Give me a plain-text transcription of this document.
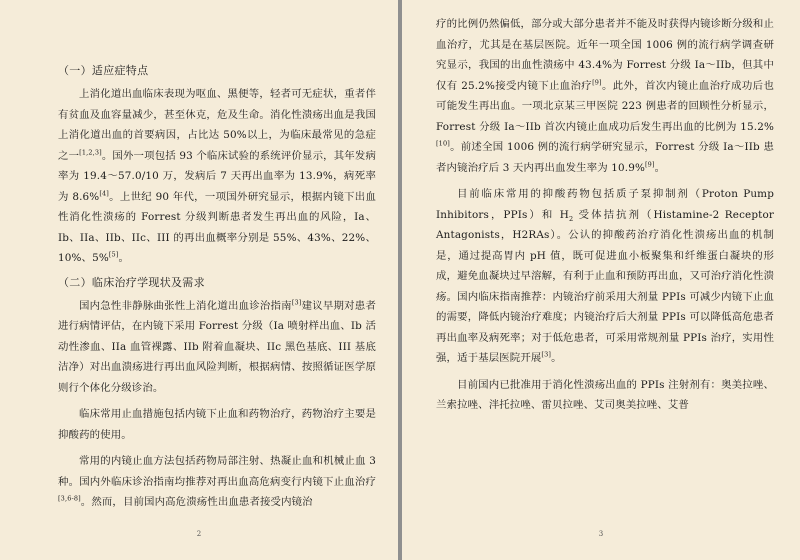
（一）适应症特点

上消化道出血临床表现为呕血、黑便等，轻者可无症状，重者伴有贫血及血容量减少，甚至休克，危及生命。消化性溃疡出血是我国上消化道出血的首要病因，占比达 50%以上，为临床最常见的急症之一[1,2,3]。国外一项包括 93 个临床试验的系统评价显示，其年发病率为 19.4～57.0/10 万，发病后 7 天再出血率为 13.9%，病死率为 8.6%[4]。上世纪 90 年代，一项国外研究显示，根据内镜下出血性消化性溃疡的 Forrest 分级判断患者发生再出血的风险，Ia、Ib、IIa、IIb、IIc、III 的再出血概率分别是 55%、43%、22%、10%、5%[5]。

（二）临床治疗学现状及需求

国内急性非静脉曲张性上消化道出血诊治指南[3]建议早期对患者进行病情评估，在内镜下采用 Forrest 分级（Ia 喷射样出血、Ib 活动性渗血、IIa 血管裸露、IIb 附着血凝块、IIc 黑色基底、III 基底洁净）对出血溃疡进行再出血风险判断，根据病情、按照循证医学原则行个体化分级诊治。

临床常用止血措施包括内镜下止血和药物治疗，药物治疗主要是抑酸药的使用。

常用的内镜止血方法包括药物局部注射、热凝止血和机械止血 3 种。国内外临床诊治指南均推荐对再出血高危病变行内镜下止血治疗[3,6-8]。然而，目前国内高危溃疡性出血患者接受内镜治

2

疗的比例仍然偏低，部分或大部分患者并不能及时获得内镜诊断分级和止血治疗，尤其是在基层医院。近年一项全国 1006 例的流行病学调查研究显示，我国的出血性溃疡中 43.4%为 Forrest 分级 Ia～IIb，但其中仅有 25.2%接受内镜下止血治疗[9]。此外，首次内镜止血治疗成功后也可能发生再出血。一项北京某三甲医院 223 例患者的回顾性分析显示，Forrest 分级 Ia～IIb 首次内镜止血成功后发生再出血的比例为 15.2%[10]。前述全国 1006 例的流行病学研究显示，Forrest 分级 Ia～IIb 患者内镜治疗后 3 天内再出血发生率为 10.9%[9]。

目前临床常用的抑酸药物包括质子泵抑制剂（Proton Pump Inhibitors，PPIs）和 $H_2$ 受体拮抗剂（Histamine-2 Receptor Antagonists，H2RAs）。公认的抑酸药治疗消化性溃疡出血的机制是，通过提高胃内 pH 值，既可促进血小板聚集和纤维蛋白凝块的形成，避免血凝块过早溶解，有利于止血和预防再出血，又可治疗消化性溃疡。国内临床指南推荐：内镜治疗前采用大剂量 PPIs 可减少内镜下止血的需要，降低内镜治疗难度；内镜治疗后大剂量 PPIs 可以降低高危患者再出血率及病死率；对于低危患者，可采用常规剂量 PPIs 治疗，实用性强，适于基层医院开展[3]。

目前国内已批准用于消化性溃疡出血的 PPIs 注射剂有：奥美拉唑、兰索拉唑、泮托拉唑、雷贝拉唑、艾司奥美拉唑、艾普

3
